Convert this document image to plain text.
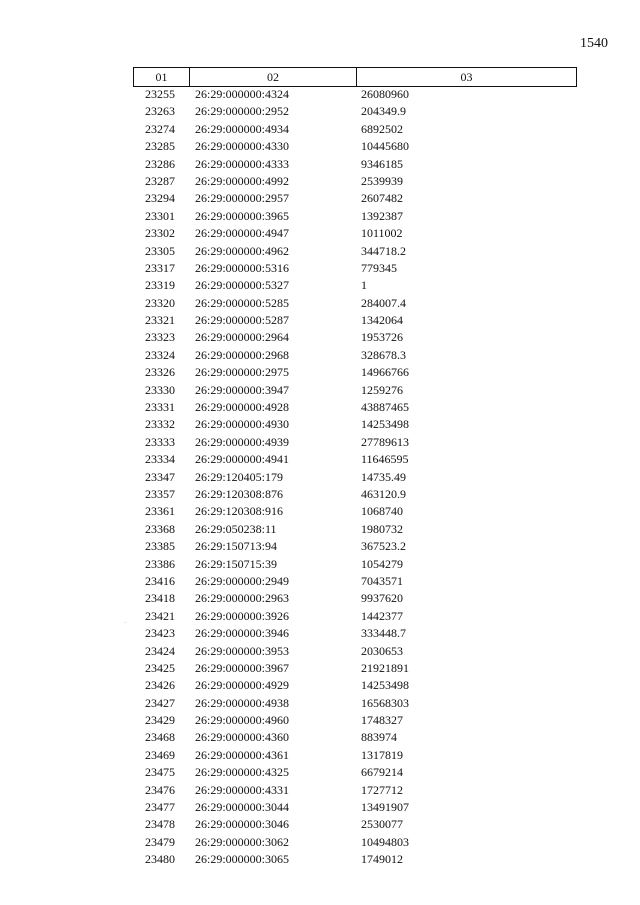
1540
01	02	03
23255 26:29:000000:4324	26080960
23263 26:29:000000:2952	204349.9
23274 26:29:000000:4934	6892502
23285 26:29:000000:4330	10445680
23286 26:29:000000:4333	9346185
23287 26:29:000000:4992	2539939
23294 26:29:000000:2957	2607482
23301 26:29:000000:3965	1392387
23302 26:29:000000:4947	1011002
23305 26:29:000000:4962	344718.2
23317 26:29:000000:5316	779345
23319 26:29:000000:5327	1
23320 26:29:000000:5285	284007.4
23321 26:29:000000:5287	1342064
23323 26:29:000000:2964	1953726
23324 26:29:000000:2968	328678.3
23326 26:29:000000:2975	14966766
23330 26:29:000000:3947	1259276
23331 26:29:000000:4928	43887465
23332 26:29:000000:4930	14253498
23333 26:29:000000:4939	27789613
23334 26:29:000000:4941	11646595
23347 26:29:120405:179	14735.49
23357 26:29:120308:876	463120.9
23361 26:29:120308:916	1068740
23368 26:29:050238:11	1980732
23385 26:29:150713:94	367523.2
23386 26:29:150715:39	1054279
23416 26:29:000000:2949	7043571
23418 26:29:000000:2963	9937620
23421 26:29:000000:3926	1442377
23423 26:29:000000:3946	333448.7
23424 26:29:000000:3953	2030653
23425 26:29:000000:3967	21921891
23426 26:29:000000:4929	14253498
23427 26:29:000000:4938	16568303
23429 26:29:000000:4960	1748327
23468 26:29:000000:4360	883974
23469 26:29:000000:4361	1317819
23475 26:29:000000:4325	6679214
23476 26:29:000000:4331	1727712
23477 26:29:000000:3044	13491907
23478 26:29:000000:3046	2530077
23479 26:29:000000:3062	10494803
23480 26:29:000000:3065	1749012
·
